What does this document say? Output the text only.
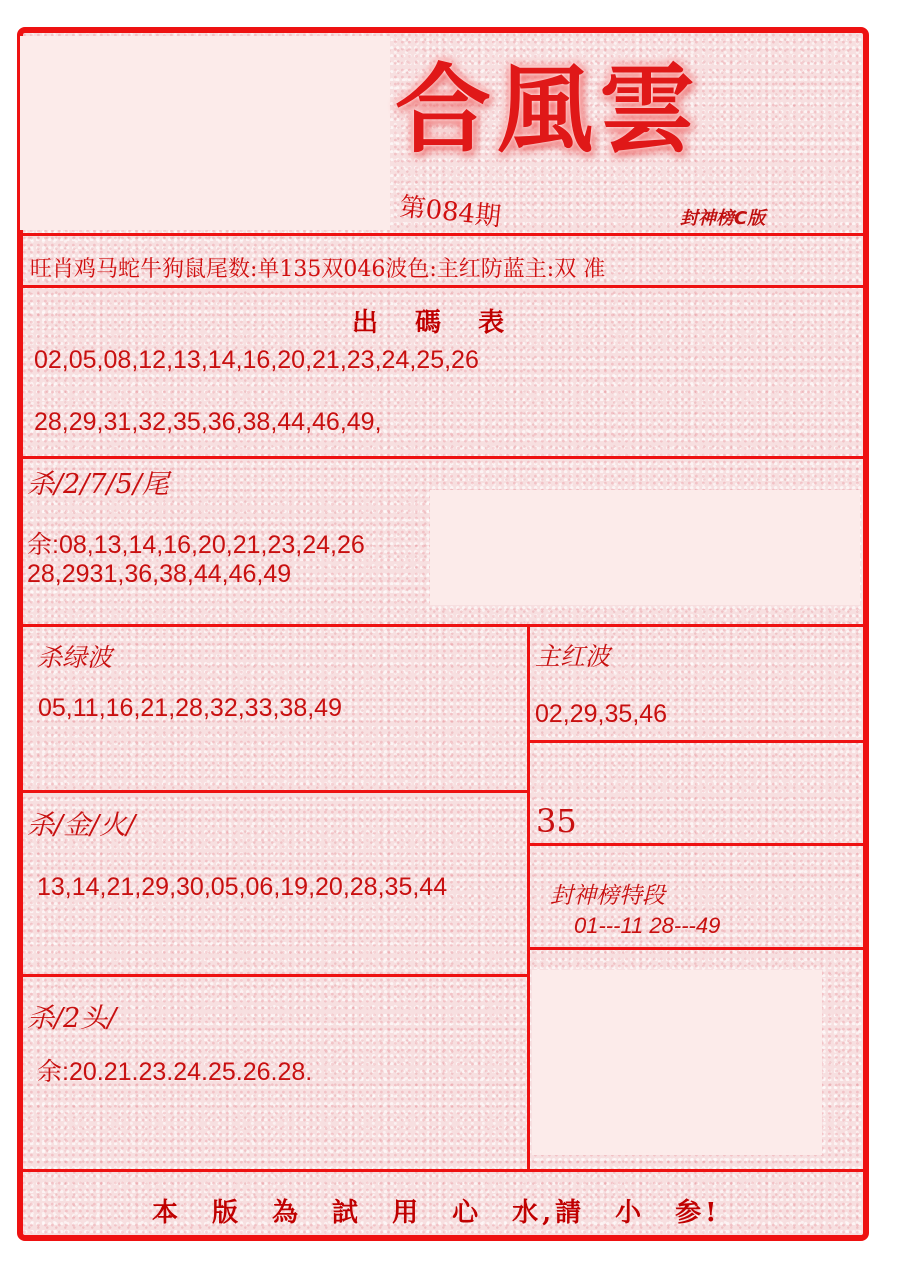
合風雲
第084期	封神榜C版
旺肖鸡马蛇牛狗鼠尾数:单135双046波色:主红防蓝主:双 准
出 碼 表
02,05,08,12,13,14,16,20,21,23,24,25,26
28,29,31,32,35,36,38,44,46,49,
杀/2/7/5/尾
余:08,13,14,16,20,21,23,24,26
28,2931,36,38,44,46,49
杀绿波
05,11,16,21,28,32,33,38,49
主红波
02,29,35,46
35
杀/金/火/
13,14,21,29,30,05,06,19,20,28,35,44	封神榜特段
01---11 28---49
杀/2头/
余:20.21.23.24.25.26.28.
本 版 為 試 用 心 水,請 小 参!
